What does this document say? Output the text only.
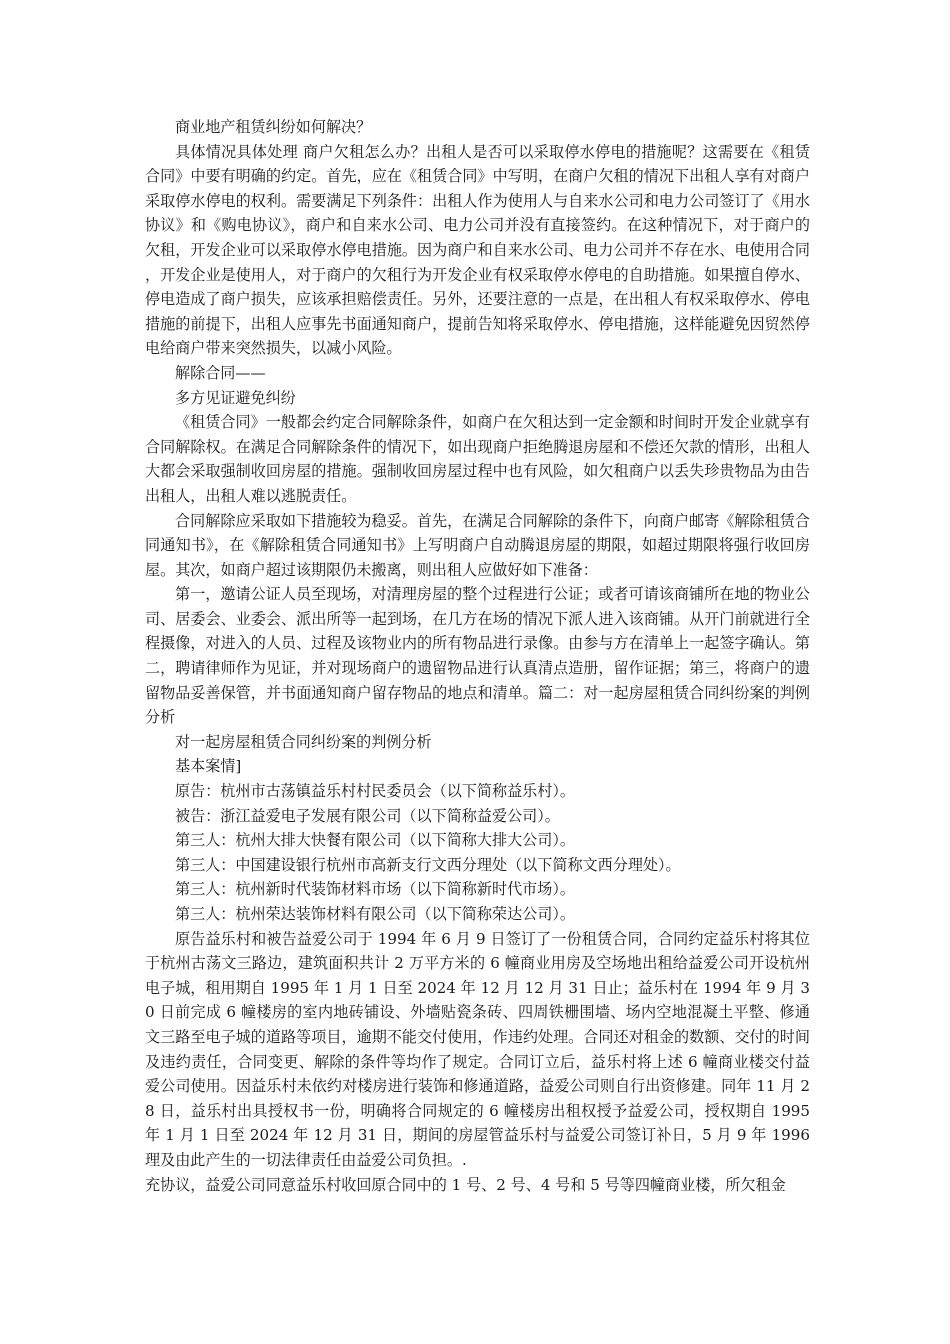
商业地产租赁纠纷如何解决？

具体情况具体处理 商户欠租怎么办？出租人是否可以采取停水停电的措施呢？这需要在《租赁合同》中要有明确的约定。首先，应在《租赁合同》中写明，在商户欠租的情况下出租人享有对商户采取停水停电的权利。需要满足下列条件：出租人作为使用人与自来水公司和电力公司签订了《用水协议》和《购电协议》，商户和自来水公司、电力公司并没有直接签约。在这种情况下，对于商户的欠租，开发企业可以采取停水停电措施。因为商户和自来水公司、电力公司并不存在水、电使用合同，开发企业是使用人，对于商户的欠租行为开发企业有权采取停水停电的自助措施。如果擅自停水、停电造成了商户损失，应该承担赔偿责任。另外，还要注意的一点是，在出租人有权采取停水、停电措施的前提下，出租人应事先书面通知商户，提前告知将采取停水、停电措施，这样能避免因贸然停电给商户带来突然损失，以减小风险。

解除合同——

多方见证避免纠纷

《租赁合同》一般都会约定合同解除条件，如商户在欠租达到一定金额和时间时开发企业就享有合同解除权。在满足合同解除条件的情况下，如出现商户拒绝腾退房屋和不偿还欠款的情形，出租人大都会采取强制收回房屋的措施。强制收回房屋过程中也有风险，如欠租商户以丢失珍贵物品为由告出租人，出租人难以逃脱责任。

合同解除应采取如下措施较为稳妥。首先，在满足合同解除的条件下，向商户邮寄《解除租赁合同通知书》，在《解除租赁合同通知书》上写明商户自动腾退房屋的期限，如超过期限将强行收回房屋。其次，如商户超过该期限仍未搬离，则出租人应做好如下准备：

第一，邀请公证人员至现场，对清理房屋的整个过程进行公证；或者可请该商铺所在地的物业公司、居委会、业委会、派出所等一起到场，在几方在场的情况下派人进入该商铺。从开门前就进行全程摄像，对进入的人员、过程及该物业内的所有物品进行录像。由参与方在清单上一起签字确认。第二，聘请律师作为见证，并对现场商户的遗留物品进行认真清点造册，留作证据；第三，将商户的遗留物品妥善保管，并书面通知商户留存物品的地点和清单。篇二：对一起房屋租赁合同纠纷案的判例分析

对一起房屋租赁合同纠纷案的判例分析

基本案情]

原告：杭州市古荡镇益乐村村民委员会（以下简称益乐村）。

被告：浙江益爱电子发展有限公司（以下简称益爱公司）。

第三人：杭州大排大快餐有限公司（以下简称大排大公司）。

第三人：中国建设银行杭州市高新支行文西分理处（以下简称文西分理处）。

第三人：杭州新时代装饰材料市场（以下简称新时代市场）。

第三人：杭州荣达装饰材料有限公司（以下简称荣达公司）。

原告益乐村和被告益爱公司于 1994 年 6 月 9 日签订了一份租赁合同，合同约定益乐村将其位于杭州古荡文三路边，建筑面积共计 2 万平方米的 6 幢商业用房及空场地出租给益爱公司开设杭州电子城，租用期自 1995 年 1 月 1 日至 2024 年 12 月 12 月 31 日止；益乐村在 1994 年 9 月 30 日前完成 6 幢楼房的室内地砖铺设、外墙贴瓷条砖、四周铁栅围墙、场内空地混凝土平整、修通文三路至电子城的道路等项目，逾期不能交付使用，作违约处理。合同还对租金的数额、交付的时间及违约责任，合同变更、解除的条件等均作了规定。合同订立后，益乐村将上述 6 幢商业楼交付益爱公司使用。因益乐村未依约对楼房进行装饰和修通道路，益爱公司则自行出资修建。同年 11 月 28 日，益乐村出具授权书一份，明确将合同规定的 6 幢楼房出租权授予益爱公司，授权期自 1995 年 1 月 1 日至 2024 年 12 月 31 日，期间的房屋管益乐村与益爱公司签订补日，5 月 9 年 1996 理及由此产生的一切法律责任由益爱公司负担。.

充协议，益爱公司同意益乐村收回原合同中的 1 号、2 号、4 号和 5 号等四幢商业楼，所欠租金
